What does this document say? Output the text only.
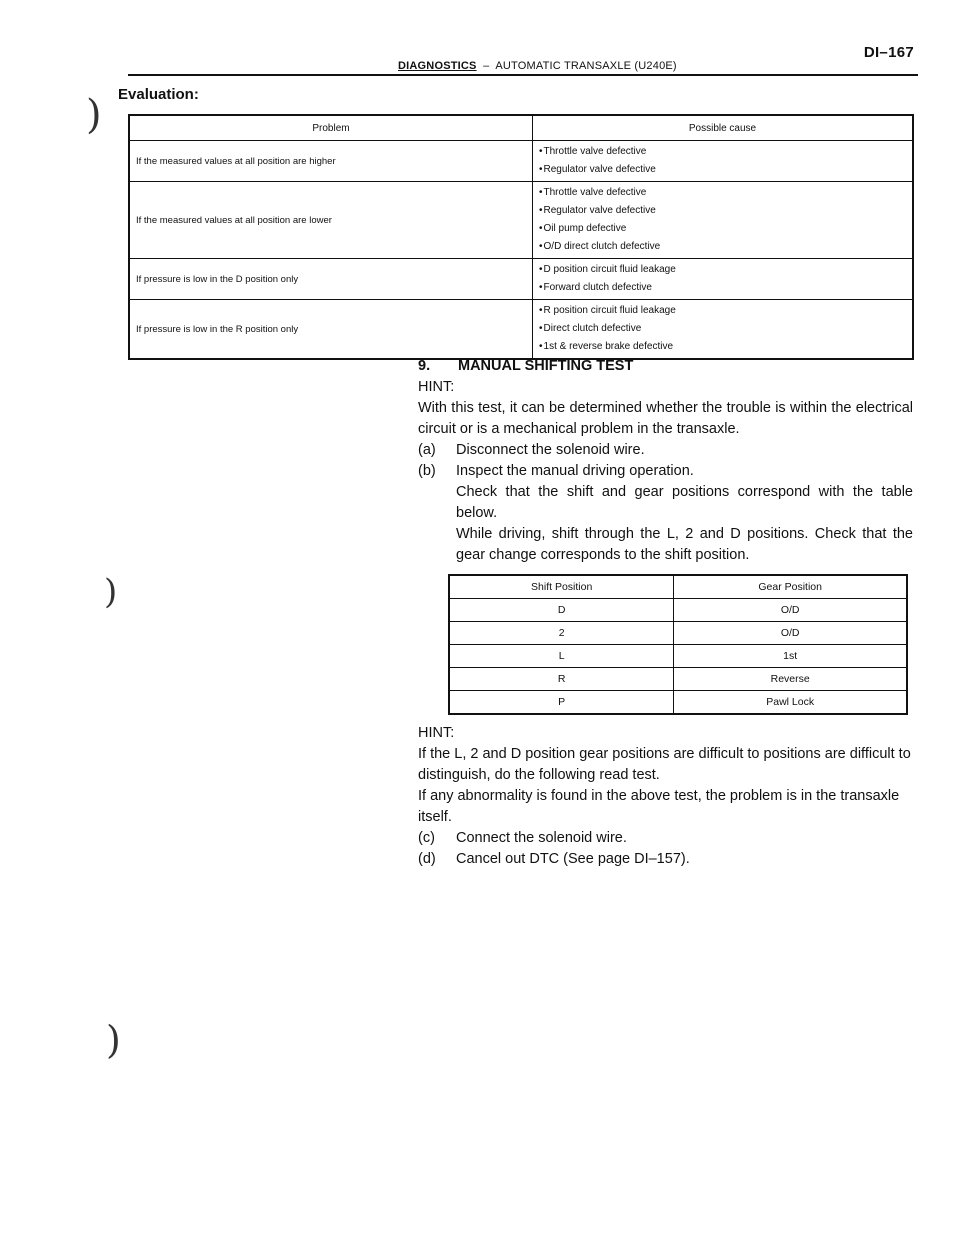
DI–167
DIAGNOSTICS – AUTOMATIC TRANSAXLE (U240E)
Evaluation:
Problem	Possible cause
If the measured values at all position are higher	• Throttle valve defective
• Regulator valve defective

If the measured values at all position are lower	• Throttle valve defective
• Regulator valve defective
• Oil pump defective
• O/D direct clutch defective

If pressure is low in the D position only	• D position circuit fluid leakage
• Forward clutch defective

If pressure is low in the R position only	• R position circuit fluid leakage
• Direct clutch defective
• 1st & reverse brake defective
9. MANUAL SHIFTING TEST

HINT:

With this test, it can be determined whether the trouble is within the electrical circuit or is a mechanical problem in the transaxle.

(a)	Disconnect the solenoid wire.
(b)	Inspect the manual driving operation.

Check that the shift and gear positions correspond with the table below.

While driving, shift through the L, 2 and D positions. Check that the gear change corresponds to the shift position.

Shift Position	Gear Position
D	O/D
2	O/D
L	1st
R	Reverse
P	Pawl Lock

HINT:

If the L, 2 and D position gear positions are difficult to positions are difficult to distinguish, do the following read test.

If any abnormality is found in the above test, the problem is in the transaxle itself.

(c)	Connect the solenoid wire.
(d)	Cancel out DTC (See page DI–157).
)
)
)
